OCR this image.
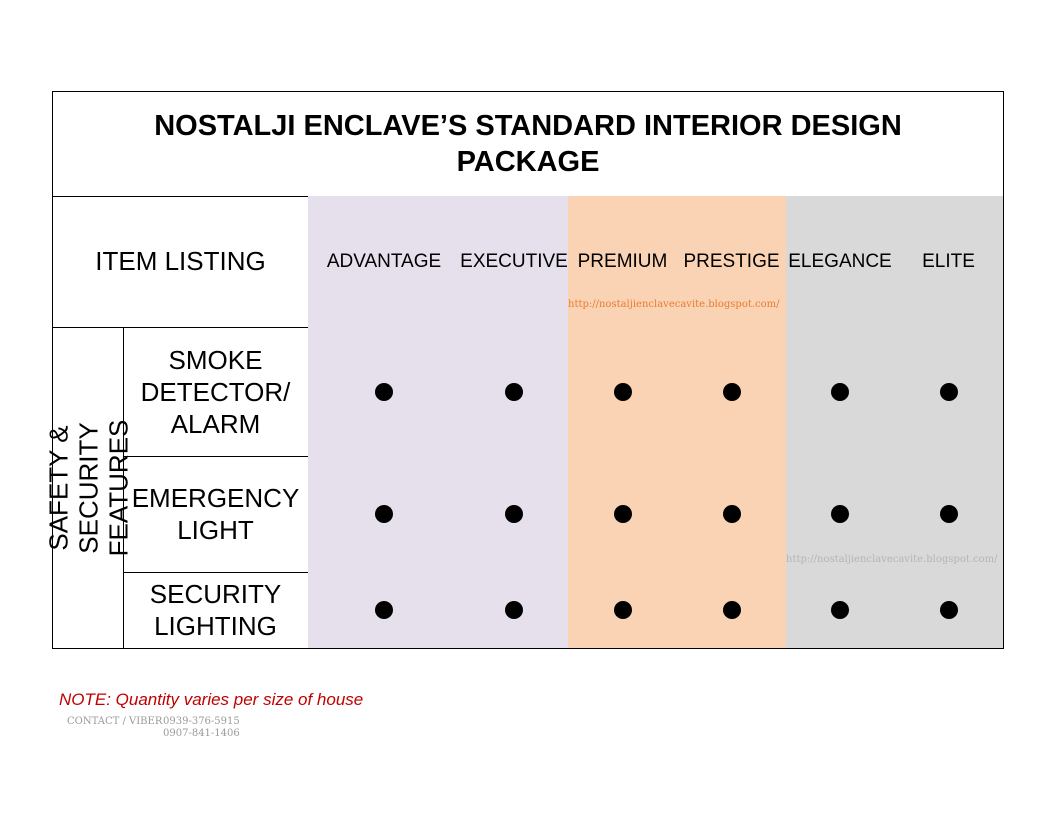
NOSTALJI ENCLAVE’S STANDARD INTERIOR DESIGN PACKAGE
ITEM LISTING	ADVANTAGE EXECUTIVE PREMIUM PRESTIGE ELEGANCE ELITE
SAFETY & SECURITY FEATURES
SMOKE DETECTOR/ ALARM
EMERGENCY LIGHT
SECURITY LIGHTING
http://nostaljienclavecavite.blogspot.com/
http://nostaljienclavecavite.blogspot.com/
NOTE: Quantity varies per size of house
CONTACT / VIBER0939-376-5915
0907-841-1406
